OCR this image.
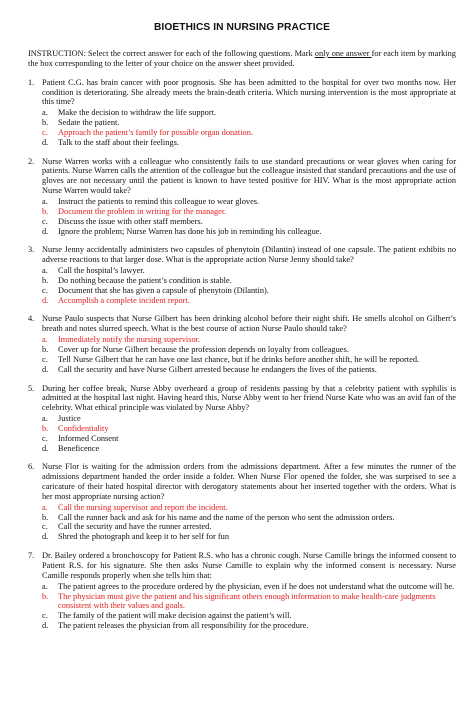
BIOETHICS IN NURSING PRACTICE
INSTRUCTION: Select the correct answer for each of the following questions. Mark only one answer for each item by marking the box corresponding to the letter of your choice on the answer sheet provided.
1. Patient C.G. has brain cancer with poor prognosis. She has been admitted to the hospital for over two months now. Her condition is deteriorating. She already meets the brain-death criteria. Which nursing intervention is the most appropriate at this time?
a.	Make the decision to withdraw the life support.
b.	Sedate the patient.
c.	Approach the patient’s family for possible organ donation.
d.	Talk to the staff about their feelings.
2. Nurse Warren works with a colleague who consistently fails to use standard precautions or wear gloves when caring for patients. Nurse Warren calls the attention of the colleague but the colleague insisted that standard precautions and the use of gloves are not necessary until the patient is known to have tested positive for HIV. What is the most appropriate action Nurse Warren would take?
a.	Instruct the patients to remind this colleague to wear gloves.
b.	Document the problem in writing for the manager.
c.	Discuss the issue with other staff members.
d.	Ignore the problem; Nurse Warren has done his job in reminding his colleague.
3. Nurse Jenny accidentally administers two capsules of phenytoin (Dilantin) instead of one capsule. The patient exhibits no adverse reactions to that larger dose. What is the appropriate action Nurse Jenny should take?
a.	Call the hospital’s lawyer.
b.	Do nothing because the patient’s condition is stable.
c.	Document that she has given a capsule of phenytoin (Dilantin).
d.	Accomplish a complete incident report.
4. Nurse Paulo suspects that Nurse Gilbert has been drinking alcohol before their night shift. He smells alcohol on Gilbert’s breath and notes slurred speech. What is the best course of action Nurse Paulo should take?
a.	Immediately notify the nursing supervisor.
b.	Cover up for Nurse Gilbert because the profession depends on loyalty from colleagues.
c.	Tell Nurse Gilbert that he can have one last chance, but if he drinks before another shift, he will be reported.
d.	Call the security and have Nurse Gilbert arrested because he endangers the lives of the patients.
5. During her coffee break, Nurse Abby overheard a group of residents passing by that a celebrity patient with syphilis is admitted at the hospital last night. Having heard this, Nurse Abby went to her friend Nurse Kate who was an avid fan of the celebrity. What ethical principle was violated by Nurse Abby?
a.	Justice
b.	Confidentiality
c.	Informed Consent
d.	Beneficence
6. Nurse Flor is waiting for the admission orders from the admissions department. After a few minutes the runner of the admissions department handed the order inside a folder. When Nurse Flor opened the folder, she was surprised to see a caricature of their hated hospital director with derogatory statements about her inserted together with the orders. What is her most appropriate nursing action?
a.	Call the nursing supervisor and report the incident.
b.	Call the runner back and ask for his name and the name of the person who sent the admission orders.
c.	Call the security and have the runner arrested.
d.	Shred the photograph and keep it to her self for fun
7. Dr. Bailey ordered a bronchoscopy for Patient R.S. who has a chronic cough. Nurse Camille brings the informed consent to Patient R.S. for his signature. She then asks Nurse Camille to explain why the informed consent is necessary. Nurse Camille responds properly when she tells him that:
a.	The patient agrees to the procedure ordered by the physician, even if he does not understand what the outcome will be.
b.	The physician must give the patient and his significant others enough information to make health-care judgments consistent with their values and goals.
c.	The family of the patient will make decision against the patient’s will.
d.	The patient releases the physician from all responsibility for the procedure.
